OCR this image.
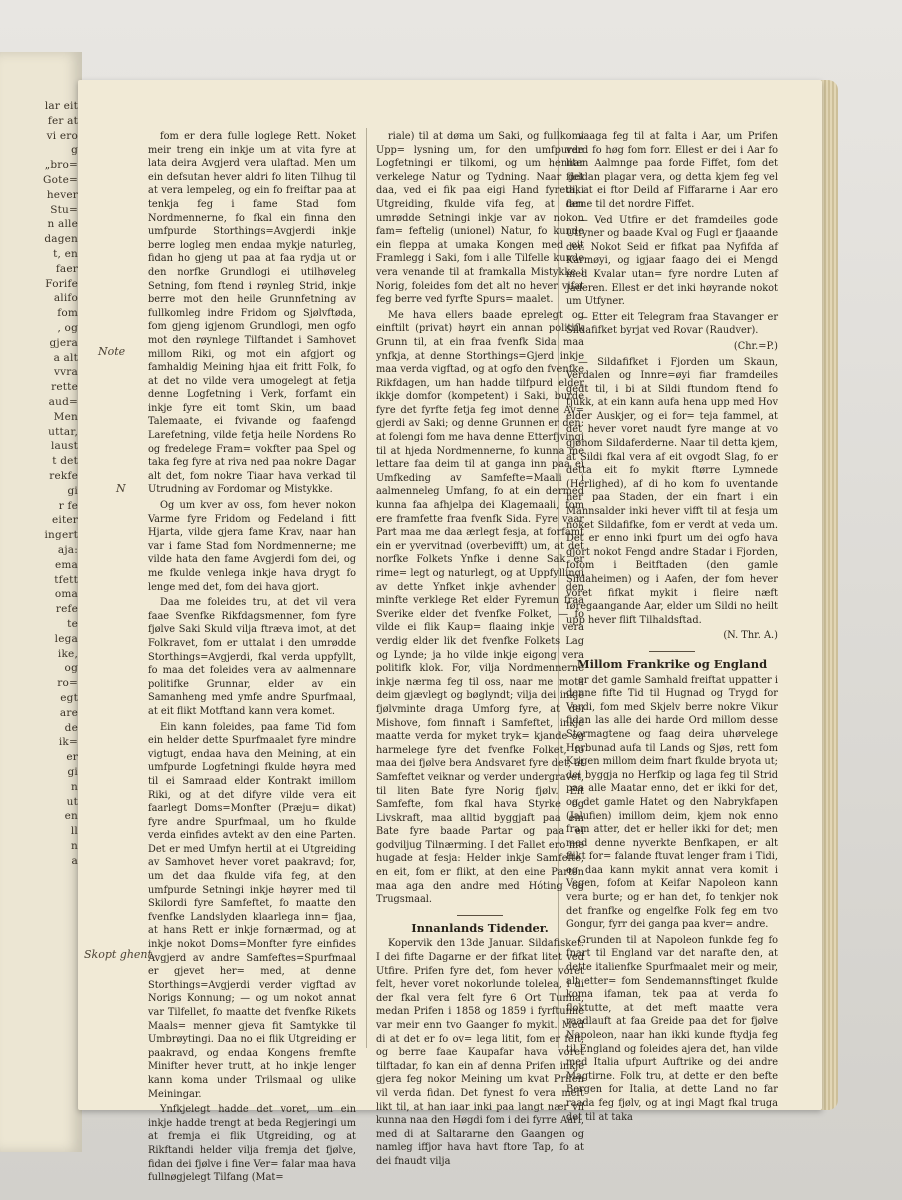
lar eit
fer at
vi ero
g
„bro=
Gote=
hever
Stu=
n alle
dagen
t, en
faer
Forife
alifo
fom
, og
gjera
a alt
vvra
rette
aud=
Men
uttar,
laust
t det
rekfe
gi
r fe
eiter
ingert
aja:
ema
tfett
oma
refe
te
lega
ike,
og
ro=
egt
are
de
ik=
er
gi
n
ut
en
ll
n
a

fom er dera fulle loglege Rett. Noket meir treng ein inkje um at vita fyre at lata deira Avgjerd vera ulaftad. Men um ein defsutan hever aldri fo liten Tilhug til at vera lempeleg, og ein fo freiftar paa at tenkja feg i fame Stad fom Nordmennerne, fo fkal ein finna den umfpurde Storthings=Avgjerdi inkje berre logleg men endaa mykje naturleg, fidan ho gjeng ut paa at faa rydja ut or den norfke Grundlogi ei utilhøveleg Setning, fom ftend i røynleg Strid, inkje berre mot den heile Grunnfetning av fullkomleg indre Fridom og Sjølvftøda, fom gjeng igjenom Grundlogi, men ogfo mot den røynlege Tilftandet i Samhovet millom Riki, og mot ein afgjort og famhaldig Meining hjaa eit fritt Folk, fo at det no vilde vera umogelegt at fetja denne Logfetning i Verk, forfamt ein inkje fyre eit tomt Skin, um baad Talemaate, ei fvivande og faafengd Larefetning, vilde fetja heile Nordens Ro og fredelege Fram= vokfter paa Spel og taka feg fyre at riva ned paa nokre Dagar alt det, fom nokre Tiaar hava verkad til Utrudning av Fordomar og Mistykke.

Og um kver av oss, fom hever nokon Varme fyre Fridom og Fedeland i fitt Hjarta, vilde gjera fame Krav, naar han var i fame Stad fom Nordmennerne; me vilde hata den fame Avgjerdi fom dei, og me fkulde venlega inkje hava drygt fo lenge med det, fom dei hava gjort.

Daa me foleides tru, at det vil vera faae Svenfke Rikfdagsmenner, fom fyre fjølve Saki Skuld vilja ftræva imot, at det Folkravet, fom er uttalat i den umrødde Storthings=Avgjerdi, fkal verda uppfyllt, fo maa det foleides vera av aalmennare politifke Grunnar, elder av ein Samanheng med ymfe andre Spurfmaal, at eit flikt Motftand kann vera komet.

Ein kann foleides, paa fame Tid fom ein helder dette Spurfmaalet fyre mindre vigtugt, endaa hava den Meining, at ein umfpurde Logfetningi fkulde høyra med til ei Samraad elder Kontrakt imillom Riki, og at det difyre vilde vera eit faarlegt Doms=Monfter (Præju= dikat) fyre andre Spurfmaal, um ho fkulde verda einfides avtekt av den eine Parten. Det er med Umfyn hertil at ei Utgreiding av Samhovet hever voret paakravd; for, um det daa fkulde vifa feg, at den umfpurde Setningi inkje høyrer med til Skilordi fyre Samfeftet, fo maatte den fvenfke Landslyden klaarlega inn= fjaa, at hans Rett er inkje fornærmad, og at inkje nokot Doms=Monfter fyre einfides Avgjerd av andre Samfeftes=Spurfmaal er gjevet her= med, at denne Storthings=Avgjerdi verder vigftad av Norigs Konnung; — og um nokot annat var Tilfellet, fo maatte det fvenfke Rikets Maals= menner gjeva fit Samtykke til Umbrøytingi. Daa no ei flik Utgreiding er paakravd, og endaa Kongens fremfte Minifter hever trutt, at ho inkje lenger kann koma under Trilsmaal og ulike Meiningar.

Ynfkjelegt hadde det voret, um ein inkje hadde trengt at beda Regjeringi um at fremja ei flik Utgreiding, og at Rikftandi helder vilja fremja det fjølve, fidan dei fjølve i fine Ver= falar maa hava fullnøgjelegt Tilfang (Mat=

riale) til at døma um Saki, og fullkomi Upp= lysning um, for den umfpurde Logfetningi er tilkomi, og um hennar verkelege Natur og Tydning. Naar det daa, ved ei fik paa eigi Hand fyretaki Utgreiding, fkulde vifa feg, at den umrødde Setningi inkje var av nokon fam= feftelig (unionel) Natur, fo kunde ein fleppa at umaka Kongen med eit Framlegg i Saki, fom i alle Tilfelle kunde vera venande til at framkalla Mistykke i Norig, foleides fom det alt no hever vifat feg berre ved fyrfte Spurs= maalet.

Me hava ellers baade eprelegt og einftilt (privat) høyrt ein annan politifk Grunn til, at ein fraa fvenfk Sida maa ynfkja, at denne Storthings=Gjerd inkje maa verda vigftad, og at ogfo den fvenfke Rikfdagen, um han hadde tilfpurd elder ikkje domfor (kompetent) i Saki, burde fyre det fyrfte fetja feg imot denne Av= gjerdi av Saki; og denne Grunnen er den: at folengi fom me hava denne Etterfjvingi til at hjeda Nordmennerne, fo kunna me lettare faa deim til at ganga inn paa ei Umfkeding av Samfefte=Maali i aalmenneleg Umfang, fo at ein dermed kunna faa afhjelpa dei Klagemaali, fom ere framfette fraa fvenfk Sida. Fyre vaar Part maa me daa ærlegt fesja, at forfamt ein er yvervitnad (overbevifft) um, at det norfke Folkets Ynfke i denne Sak er rime= legt og naturlegt, og at Uppfyllingi av dette Ynfket inkje avhender den minfte verklege Ret elder Fyremun fraa Sverike elder det fvenfke Folket, — fo vilde ei flik Kaup= flaaing inkje vera verdig elder lik det fvenfke Folkets Lag og Lynde; ja ho vilde inkje eigong vera politifk klok. For, vilja Nordmennerne inkje nærma feg til oss, naar me mota deim gjævlegt og bøglyndt; vilja dei inkje fjølvminte draga Umforg fyre, at dei Mishove, fom finnaft i Samfeftet, inkje maatte verda for myket tryk= kjande og harmelege fyre det fvenfke Folket, fo maa dei fjølve bera Andsvaret fyre det, at Samfeftet veiknar og verder undergravet, til liten Bate fyre Norig fjølv. Eit Samfefte, fom fkal hava Styrke og Livskraft, maa alltid byggjaft paa ein Bate fyre baade Partar og paa ei godviljug Tilnærming. I det Fallet ero me hugade at fesja: Helder inkje Samfefte, en eit, fom er flikt, at den eine Parten maa aga den andre med Hóting og Trugsmaal.

Innanlands Tidender.

Kopervik den 13de Januar. Sildafisket. I dei fifte Dagarne er der fifkat litet ved Utfire. Prifen fyre det, fom hever voret felt, hever voret nokorlunde tolelea, i di der fkal vera felt fyre 6 Ort Tunna, medan Prifen i 1858 og 1859 i fyrftunne var meir enn tvo Gaanger fo mykit. Med di at det er fo ov= lega litit, fom er felt, og berre faae Kaupafar hava voret tilftadar, fo kan ein af denna Prifen inkje gjera feg nokor Meining um kvat Prifen vil verda fidan. Det fynest fo vera meft likt til, at han iaar inki paa langt nær vil kunna naa den Høgdi fom i dei fyrre Aari, med di at Saltararne den Gaangen og namleg iffjor hava havt ftore Tap, fo at dei fnaudt vilja

vaaga feg til at falta i Aar, um Prifen verd fo høg fom forr. Ellest er dei i Aar fo liten Aalmnge paa forde Fiffet, fom det fjeldan plagar vera, og detta kjem feg vel di, at ei ftor Deild af Fiffararne i Aar ero farne til det nordre Fiffet.

— Ved Utfire er det framdeiles gode Utfyner og baade Kval og Fugl er fjaaande der. Nokot Seid er fifkat paa Nyfifda af Karmøyi, og igjaar faago dei ei Mengd med Kvalar utan= fyre nordre Luten af Jaderen. Ellest er det inki høyrande nokot um Utfyner.

— Etter eit Telegram fraa Stavanger er Sildafifket byrjat ved Rovar (Raudver).

(Chr.=P.)

— Sildafifket i Fjorden um Skaun, Verdalen og Innre=øyi fiar framdeiles gedt til, i bi at Sildi ftundom ftend fo tjukk, at ein kann aufa hena upp med Hov elder Auskjer, og ei for= teja fammel, at det hever voret naudt fyre mange at vo gjønom Sildaferderne. Naar til detta kjem, at Sildi fkal vera af eit ovgodt Slag, fo er detta eit fo mykit ftørre Lymnede (Herlighed), af di ho kom fo uventande her paa Staden, der ein fnart i ein Mannsalder inki hever vifft til at fesja um noket Sildafifke, fom er verdt at veda um. Det er enno inki fpurt um dei ogfo hava gjort nokot Fengd andre Stadar i Fjorden, fofom i Beitftaden (den gamle Sildaheimen) og i Aafen, der fom hever voret fifkat mykit i fleire næft føregaangande Aar, elder um Sildi no heilt upp hever flift Tilhaldsftad.

(N. Thr. A.)

Millom Frankrike og England

er det gamle Samhald freiftat uppatter i denne fifte Tid til Hugnad og Trygd for Verdi, fom med Skjelv berre nokre Vikur fidan las alle dei harde Ord millom desse Stormagtene og faag deira uhørvelege Herbunad aufa til Lands og Sjøs, rett fom Krigen millom deim fnart fkulde bryota ut; dei byggja no Herfkip og laga feg til Strid paa alle Maatar enno, det er ikki for det, og det gamle Hatet og den Nabrykfapen (Jalufien) imillom deim, kjem nok enno fram atter, det er heller ikki for det; men med denne nyverkte Benfkapen, er alt flikt for= falande ftuvat lenger fram i Tidi, og daa kann mykit annat vera komit i Vegen, fofom at Keifar Napoleon kann vera burte; og er han det, fo tenkjer nok det franfke og engelfke Folk feg em tvo Gongur, fyrr dei ganga paa kver= andre.

Grunden til at Napoleon funkde feg fo fnart til England var det narafte den, at dette italienfke Spurfmaalet meir og meir, alt etter= fom Sendemannsftinget fkulde koma ifaman, tek paa at verda fo floktutte, at det meft maatte vera raadlauft at faa Greide paa det for fjølve Napoleon, naar han ikki kunde ftydja feg til England og foleides ajera det, han vilde med Italia ufpurt Auftrike og dei andre Magtirne. Folk tru, at dette er den befte Bergen for Italia, at dette Land no far raada feg fjølv, og at ingi Magt fkal truga det til at taka

Note
N
Skopt ghent.
